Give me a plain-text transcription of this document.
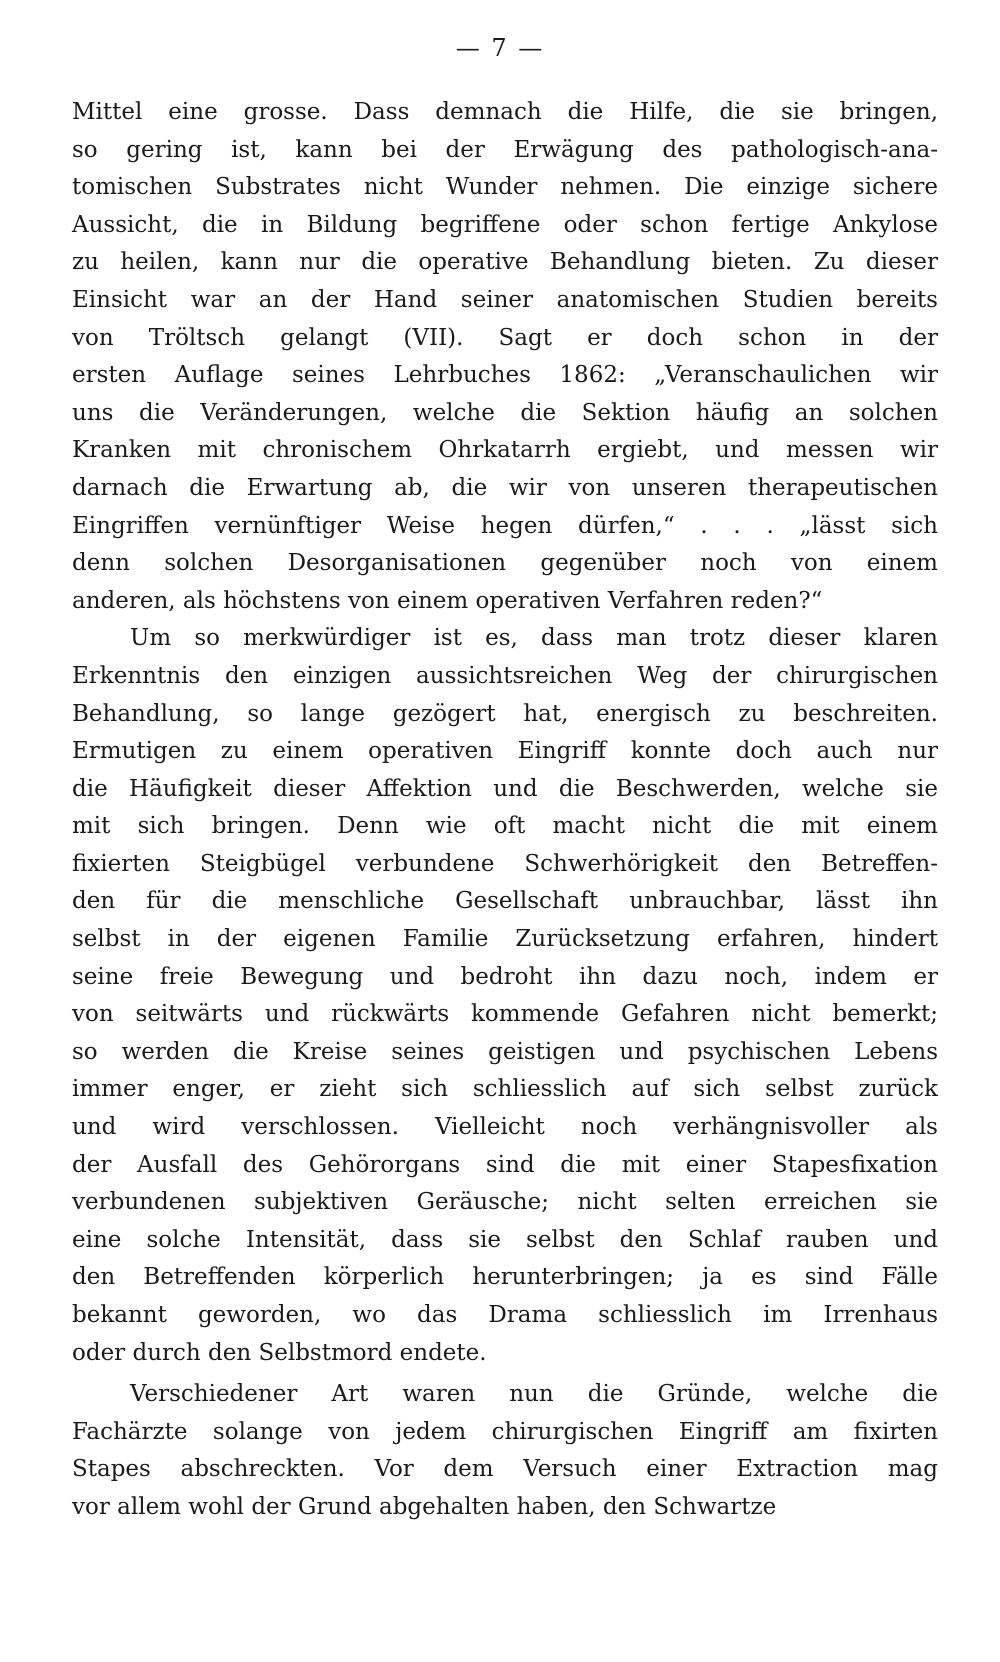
— 7 —
Mittel eine grosse. Dass demnach die Hilfe, die sie bringen,
so gering ist, kann bei der Erwägung des pathologisch-ana-
tomischen Substrates nicht Wunder nehmen. Die einzige sichere
Aussicht, die in Bildung begriffene oder schon fertige Ankylose
zu heilen, kann nur die operative Behandlung bieten. Zu dieser
Einsicht war an der Hand seiner anatomischen Studien bereits
von Tröltsch gelangt (VII). Sagt er doch schon in der
ersten Auflage seines Lehrbuches 1862: „Veranschaulichen wir
uns die Veränderungen, welche die Sektion häufig an solchen
Kranken mit chronischem Ohrkatarrh ergiebt, und messen wir
darnach die Erwartung ab, die wir von unseren therapeutischen
Eingriffen vernünftiger Weise hegen dürfen,“ . . . „lässt sich
denn solchen Desorganisationen gegenüber noch von einem
anderen, als höchstens von einem operativen Verfahren reden?“
Um so merkwürdiger ist es, dass man trotz dieser klaren
Erkenntnis den einzigen aussichtsreichen Weg der chirurgischen
Behandlung, so lange gezögert hat, energisch zu beschreiten.
Ermutigen zu einem operativen Eingriff konnte doch auch nur
die Häufigkeit dieser Affektion und die Beschwerden, welche sie
mit sich bringen. Denn wie oft macht nicht die mit einem
fixierten Steigbügel verbundene Schwerhörigkeit den Betreffen-
den für die menschliche Gesellschaft unbrauchbar, lässt ihn
selbst in der eigenen Familie Zurücksetzung erfahren, hindert
seine freie Bewegung und bedroht ihn dazu noch, indem er
von seitwärts und rückwärts kommende Gefahren nicht bemerkt;
so werden die Kreise seines geistigen und psychischen Lebens
immer enger, er zieht sich schliesslich auf sich selbst zurück
und wird verschlossen. Vielleicht noch verhängnisvoller als
der Ausfall des Gehörorgans sind die mit einer Stapesfixation
verbundenen subjektiven Geräusche; nicht selten erreichen sie
eine solche Intensität, dass sie selbst den Schlaf rauben und
den Betreffenden körperlich herunterbringen; ja es sind Fälle
bekannt geworden, wo das Drama schliesslich im Irrenhaus
oder durch den Selbstmord endete.
Verschiedener Art waren nun die Gründe, welche die
Fachärzte solange von jedem chirurgischen Eingriff am fixirten
Stapes abschreckten. Vor dem Versuch einer Extraction mag
vor allem wohl der Grund abgehalten haben, den Schwartze
